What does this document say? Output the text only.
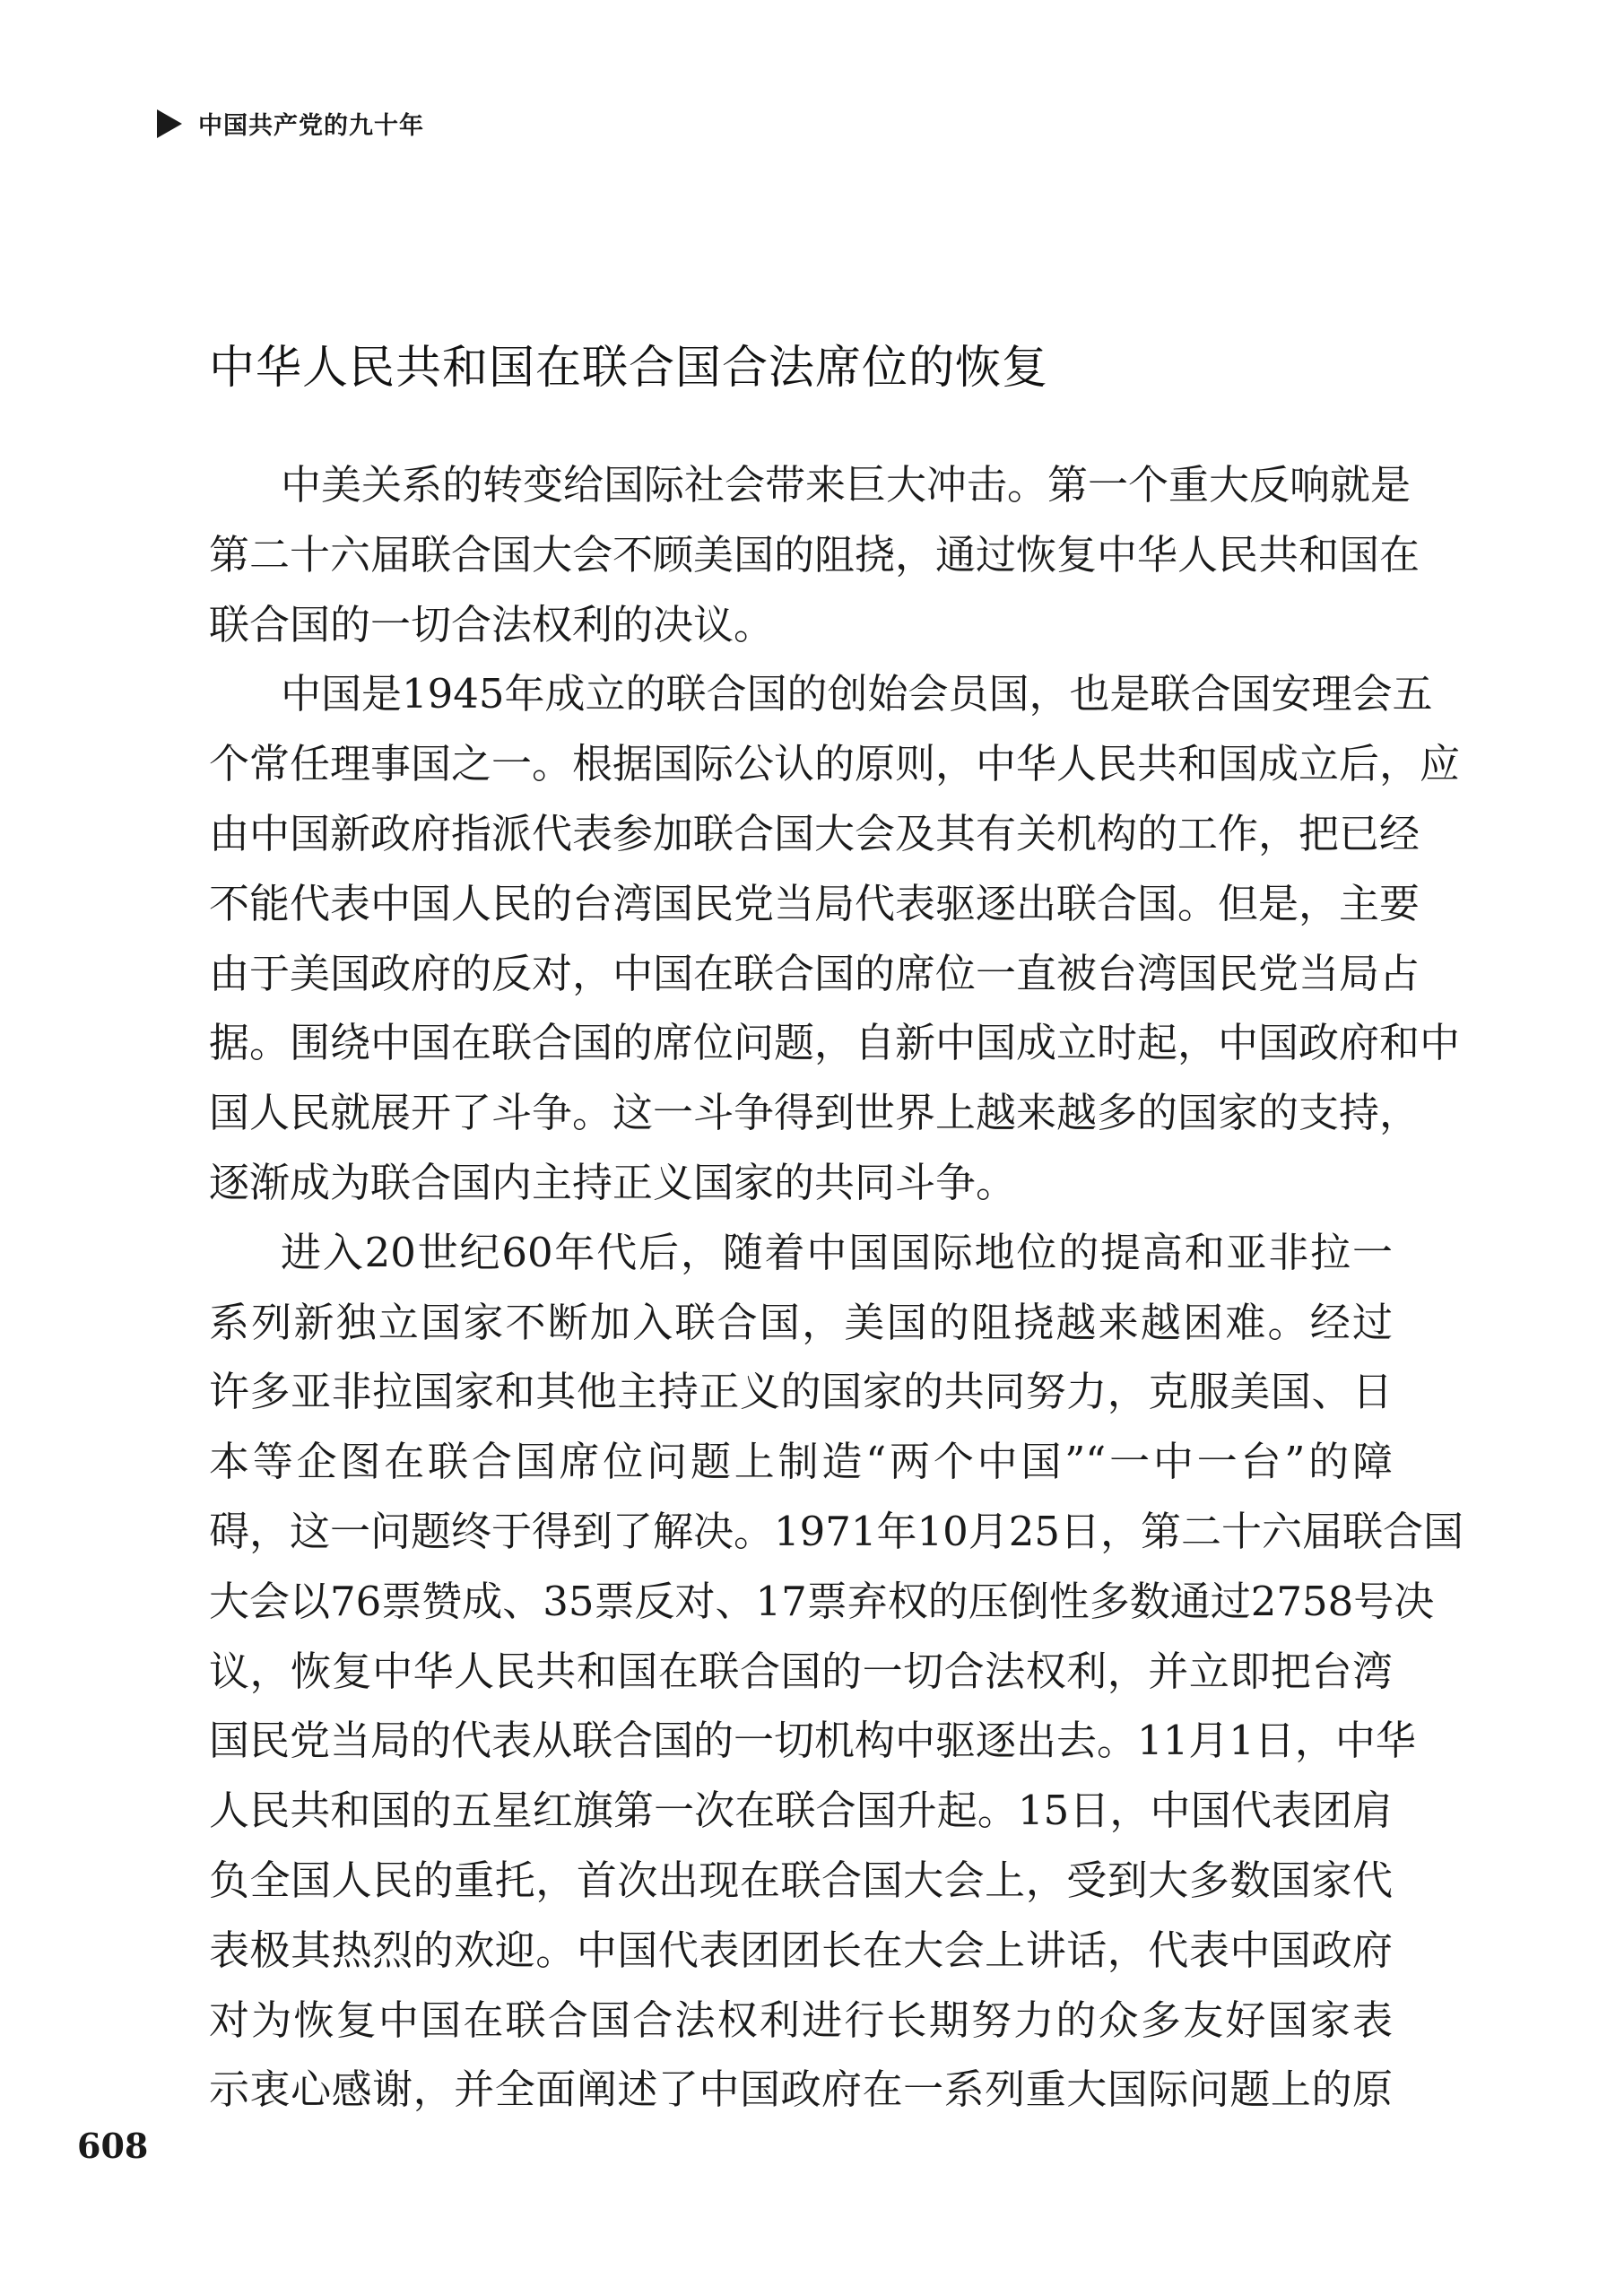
中国共产党的九十年
中华人民共和国在联合国合法席位的恢复
中美关系的转变给国际社会带来巨大冲击。第一个重大反响就是
第二十六届联合国大会不顾美国的阻挠，通过恢复中华人民共和国在
联合国的一切合法权利的决议。
中国是1945年成立的联合国的创始会员国，也是联合国安理会五
个常任理事国之一。根据国际公认的原则，中华人民共和国成立后，应
由中国新政府指派代表参加联合国大会及其有关机构的工作，把已经
不能代表中国人民的台湾国民党当局代表驱逐出联合国。但是，主要
由于美国政府的反对，中国在联合国的席位一直被台湾国民党当局占
据。围绕中国在联合国的席位问题，自新中国成立时起，中国政府和中
国人民就展开了斗争。这一斗争得到世界上越来越多的国家的支持，
逐渐成为联合国内主持正义国家的共同斗争。
进入20世纪60年代后，随着中国国际地位的提高和亚非拉一
系列新独立国家不断加入联合国，美国的阻挠越来越困难。经过
许多亚非拉国家和其他主持正义的国家的共同努力，克服美国、日
本等企图在联合国席位问题上制造“两个中国”“一中一台”的障
碍，这一问题终于得到了解决。1971年10月25日，第二十六届联合国
大会以76票赞成、35票反对、17票弃权的压倒性多数通过2758号决
议，恢复中华人民共和国在联合国的一切合法权利，并立即把台湾
国民党当局的代表从联合国的一切机构中驱逐出去。11月1日，中华
人民共和国的五星红旗第一次在联合国升起。15日，中国代表团肩
负全国人民的重托，首次出现在联合国大会上，受到大多数国家代
表极其热烈的欢迎。中国代表团团长在大会上讲话，代表中国政府
对为恢复中国在联合国合法权利进行长期努力的众多友好国家表
示衷心感谢，并全面阐述了中国政府在一系列重大国际问题上的原
608
